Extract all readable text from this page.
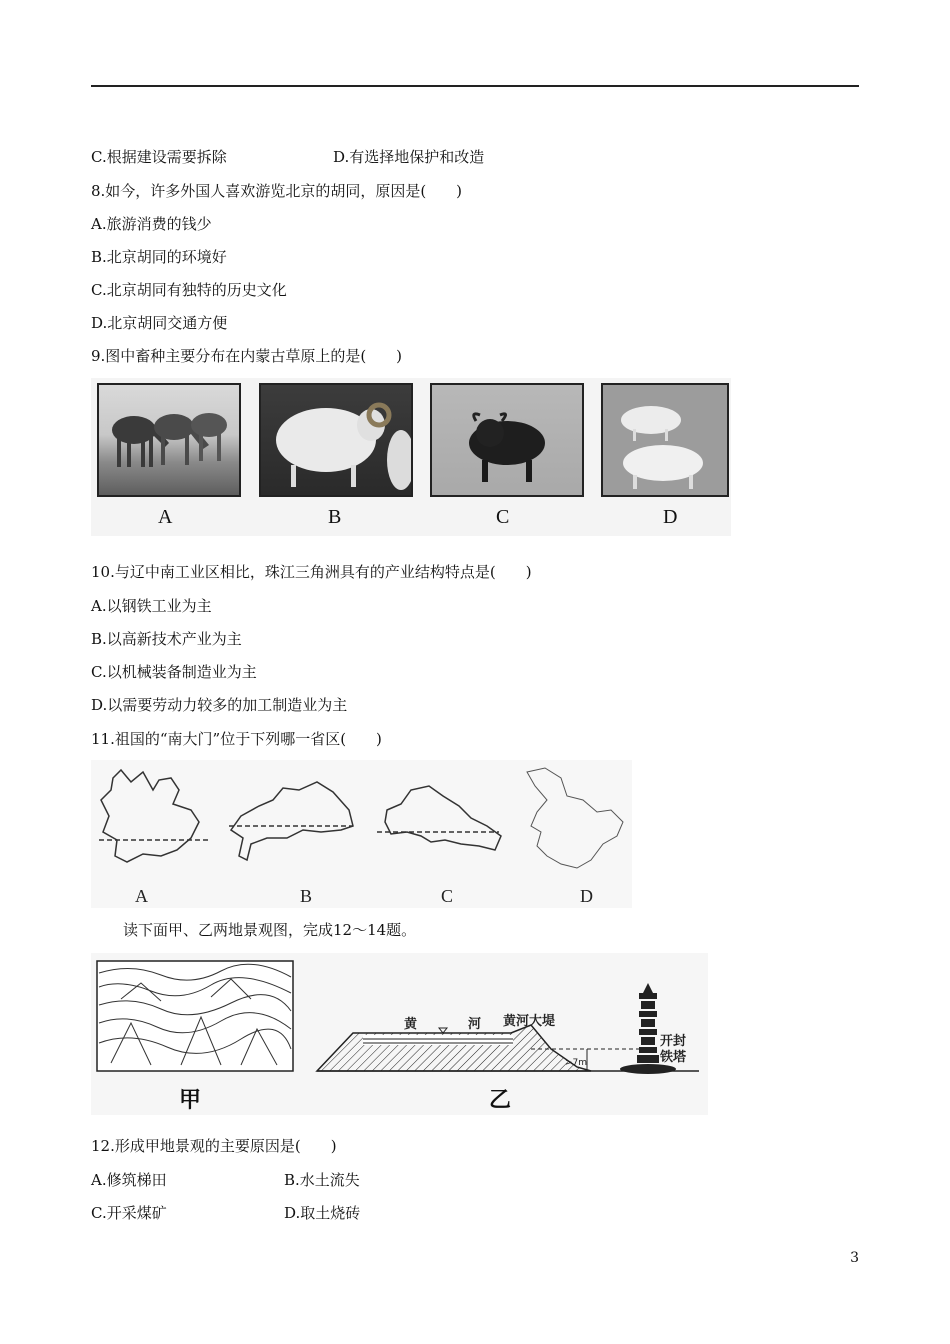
C.根据建设需要拆除	D.有选择地保护和改造
8.如今，许多外国人喜欢游览北京的胡同，原因是(　　)
A.旅游消费的钱少
B.北京胡同的环境好
C.北京胡同有独特的历史文化
D.北京胡同交通方便
9.图中畜种主要分布在内蒙古草原上的是(　　)
A	B	C	D
10.与辽中南工业区相比，珠江三角洲具有的产业结构特点是(　　)
A.以钢铁工业为主
B.以高新技术产业为主
C.以机械装备制造业为主
D.以需要劳动力较多的加工制造业为主
11.祖国的“南大门”位于下列哪一省区(　　)
A	B	C	D
读下面甲、乙两地景观图，完成12～14题。
黄	河 黄河大堤
开封
铁塔
>7m
甲	乙
12.形成甲地景观的主要原因是(　　)
A.修筑梯田	B.水土流失
C.开采煤矿	D.取土烧砖
3
